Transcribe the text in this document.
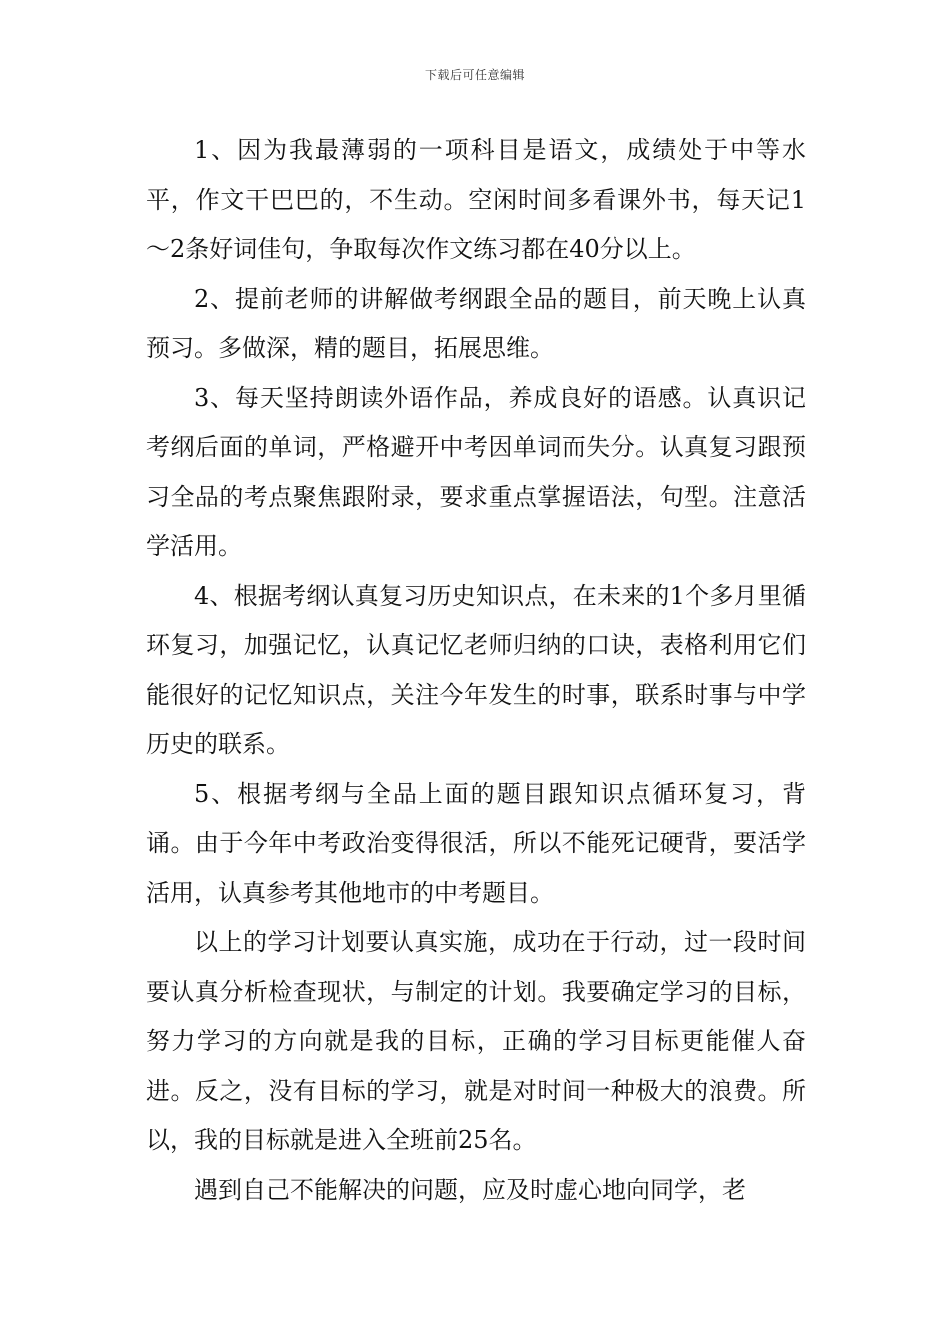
下载后可任意编辑

1、因为我最薄弱的一项科目是语文，成绩处于中等水平，作文干巴巴的，不生动。空闲时间多看课外书，每天记1～2条好词佳句，争取每次作文练习都在40分以上。

2、提前老师的讲解做考纲跟全品的题目，前天晚上认真预习。多做深，精的题目，拓展思维。

3、每天坚持朗读外语作品，养成良好的语感。认真识记考纲后面的单词，严格避开中考因单词而失分。认真复习跟预习全品的考点聚焦跟附录，要求重点掌握语法，句型。注意活学活用。

4、根据考纲认真复习历史知识点，在未来的1个多月里循环复习，加强记忆，认真记忆老师归纳的口诀，表格利用它们能很好的记忆知识点，关注今年发生的时事，联系时事与中学历史的联系。

5、根据考纲与全品上面的题目跟知识点循环复习，背诵。由于今年中考政治变得很活，所以不能死记硬背，要活学活用，认真参考其他地市的中考题目。

以上的学习计划要认真实施，成功在于行动，过一段时间要认真分析检查现状，与制定的计划。我要确定学习的目标，努力学习的方向就是我的目标，正确的学习目标更能催人奋进。反之，没有目标的学习，就是对时间一种极大的浪费。所以，我的目标就是进入全班前25名。

遇到自己不能解决的问题，应及时虚心地向同学，老
